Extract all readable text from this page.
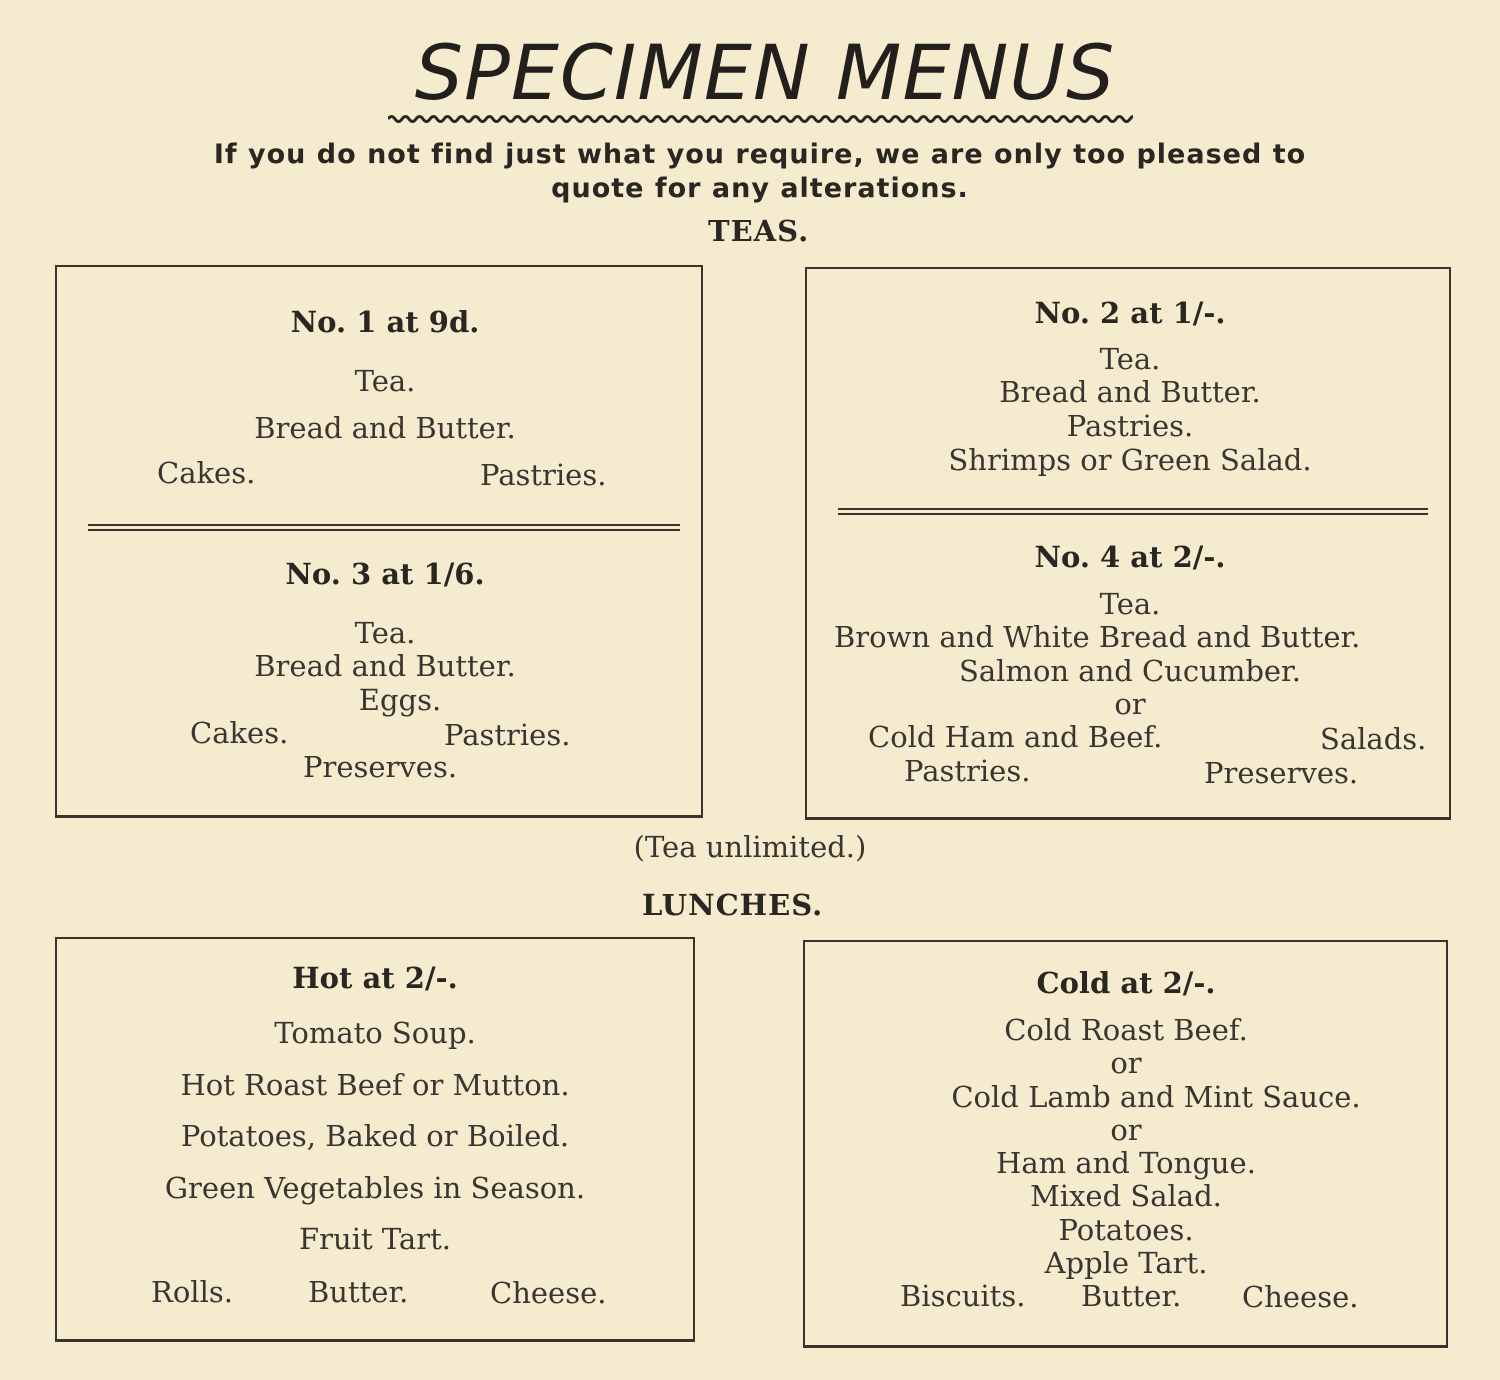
SPECIMEN MENUS
If you do not find just what you require, we are only too pleased to
quote for any alterations.
TEAS.
No. 1 at 9d.
Tea.
Bread and Butter.
Cakes.	Pastries.
No. 2 at 1/-.
Tea.
Bread and Butter.
Pastries.
Shrimps or Green Salad.
No. 3 at 1/6.
Tea.
Bread and Butter.
Eggs.
Cakes.	Pastries.
Preserves.
No. 4 at 2/-.
Tea.
Brown and White Bread and Butter.
Salmon and Cucumber.
or
Cold Ham and Beef.	Salads.
Pastries.	Preserves.
(Tea unlimited.)
LUNCHES.
Hot at 2/-.
Tomato Soup.
Hot Roast Beef or Mutton.
Potatoes, Baked or Boiled.
Green Vegetables in Season.
Fruit Tart.
Rolls.	Butter.	Cheese.
Cold at 2/-.
Cold Roast Beef.
or
Cold Lamb and Mint Sauce.
or
Ham and Tongue.
Mixed Salad.
Potatoes.
Apple Tart.
Biscuits. Butter. Cheese.
